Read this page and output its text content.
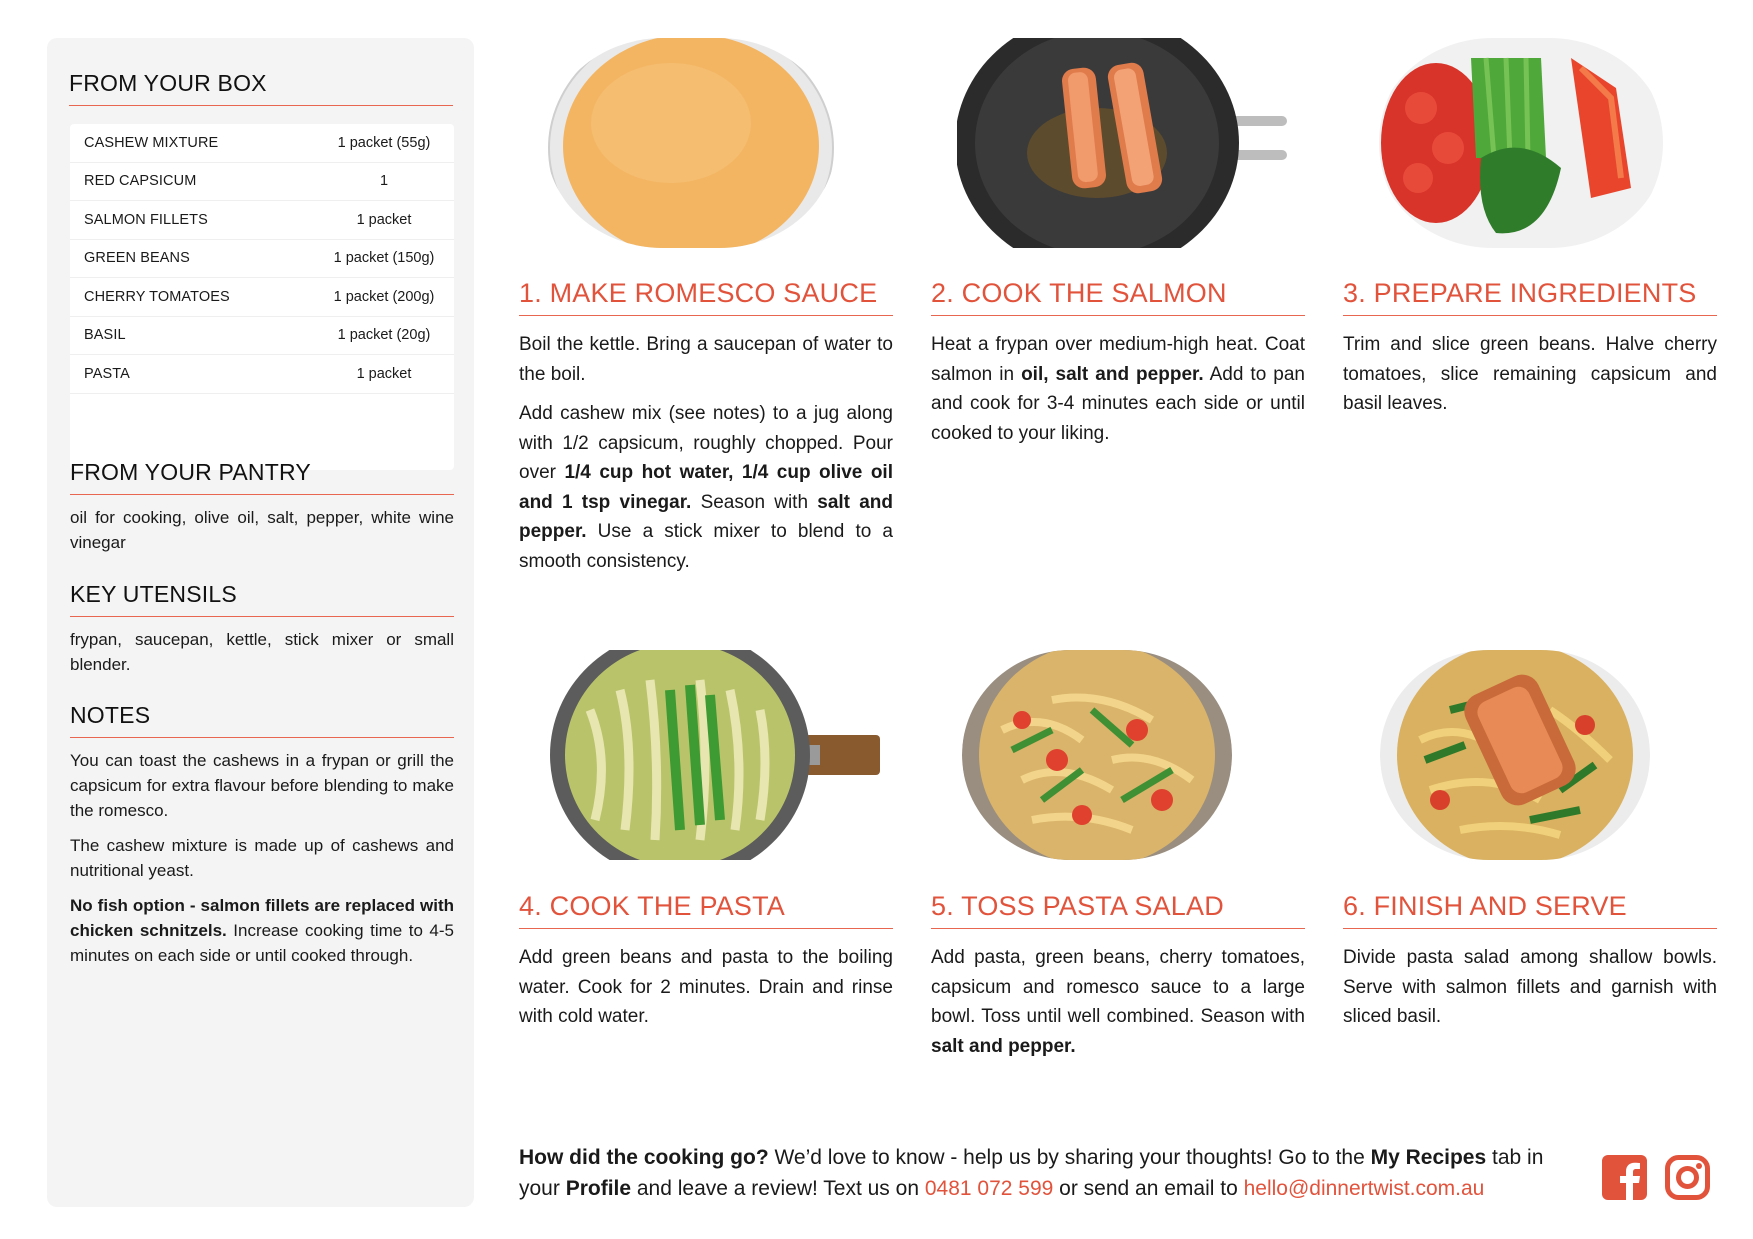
FROM YOUR BOX
CASHEW MIXTURE	1 packet (55g)
RED CAPSICUM	1
SALMON FILLETS	1 packet
GREEN BEANS	1 packet (150g)
CHERRY TOMATOES	1 packet (200g)
BASIL	1 packet (20g)
PASTA	1 packet
FROM YOUR PANTRY
oil for cooking, olive oil, salt, pepper, white wine vinegar
KEY UTENSILS
frypan, saucepan, kettle, stick mixer or small blender.
NOTES
You can toast the cashews in a frypan or grill the capsicum for extra flavour before blending to make the romesco.
The cashew mixture is made up of cashews and nutritional yeast.
No fish option - salmon fillets are replaced with chicken schnitzels. Increase cooking time to 4-5 minutes on each side or until cooked through.
1. MAKE ROMESCO SAUCE
Boil the kettle. Bring a saucepan of water to the boil.
Add cashew mix (see notes) to a jug along with 1/2 capsicum, roughly chopped. Pour over 1/4 cup hot water, 1/4 cup olive oil and 1 tsp vinegar. Season with salt and pepper. Use a stick mixer to blend to a smooth consistency.
2. COOK THE SALMON
Heat a frypan over medium-high heat. Coat salmon in oil, salt and pepper. Add to pan and cook for 3-4 minutes each side or until cooked to your liking.
3. PREPARE INGREDIENTS
Trim and slice green beans. Halve cherry tomatoes, slice remaining capsicum and basil leaves.
4. COOK THE PASTA
Add green beans and pasta to the boiling water. Cook for 2 minutes. Drain and rinse with cold water.
5. TOSS PASTA SALAD
Add pasta, green beans, cherry tomatoes, capsicum and romesco sauce to a large bowl. Toss until well combined. Season with salt and pepper.
6. FINISH AND SERVE
Divide pasta salad among shallow bowls. Serve with salmon fillets and garnish with sliced basil.
How did the cooking go? We’d love to know - help us by sharing your thoughts! Go to the My Recipes tab in your Profile and leave a review! Text us on 0481 072 599 or send an email to hello@dinnertwist.com.au
